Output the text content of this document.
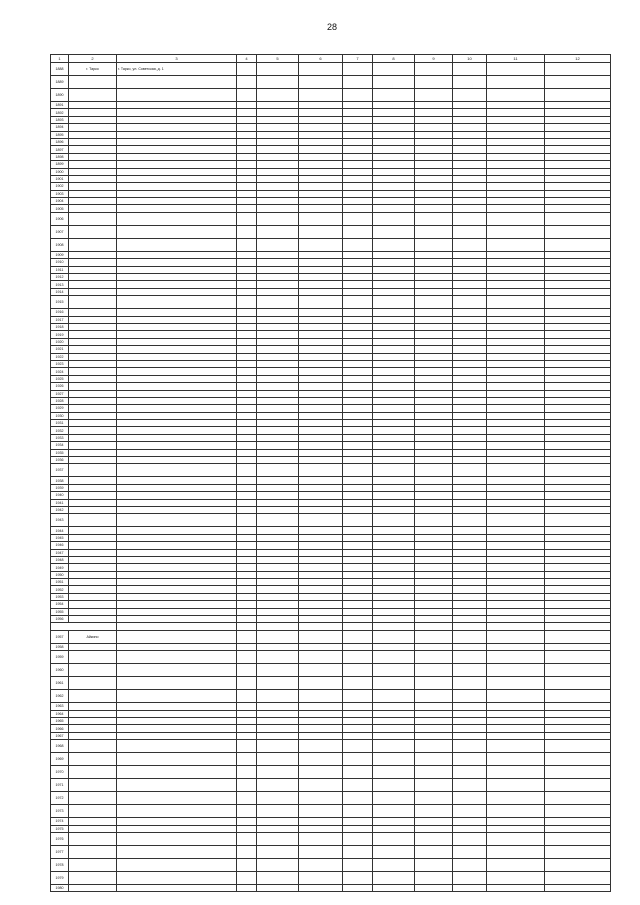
28
1	2	3	4	5	6	7	8	9	10	11	12
1888	г. Тарко	г. Тарко, ул. Советская, д. 1									
1889											
1890											
1891											
1892											
1893											
1894											
1895											
1896											
1897											
1898											
1899											
1900											
1901											
1902											
1903											
1904											
1905											
1906											
1907											
1908											
1909											
1910											
1911											
1912											
1913											
1914											
1915											
1916											
1917											
1918											
1919											
1920											
1921											
1922											
1923											
1924											
1925											
1926											
1927											
1928											
1929											
1930											
1931											
1932											
1933											
1934											
1935											
1936											
1937											
1938											
1939											
1940											
1941											
1942											
1943											
1944											
1945											
1946											
1947											
1948											
1949											
1950											
1951											
1952											
1953											
1954											
1955											
1956											

1957	Айкино										
1958											
1959											
1960											
1961											
1962											
1963											
1964											
1965											
1966											
1967											
1968											
1969											
1970											
1971											
1972											
1973											
1974											
1975											
1976											
1977											
1978											
1979											
1980											
